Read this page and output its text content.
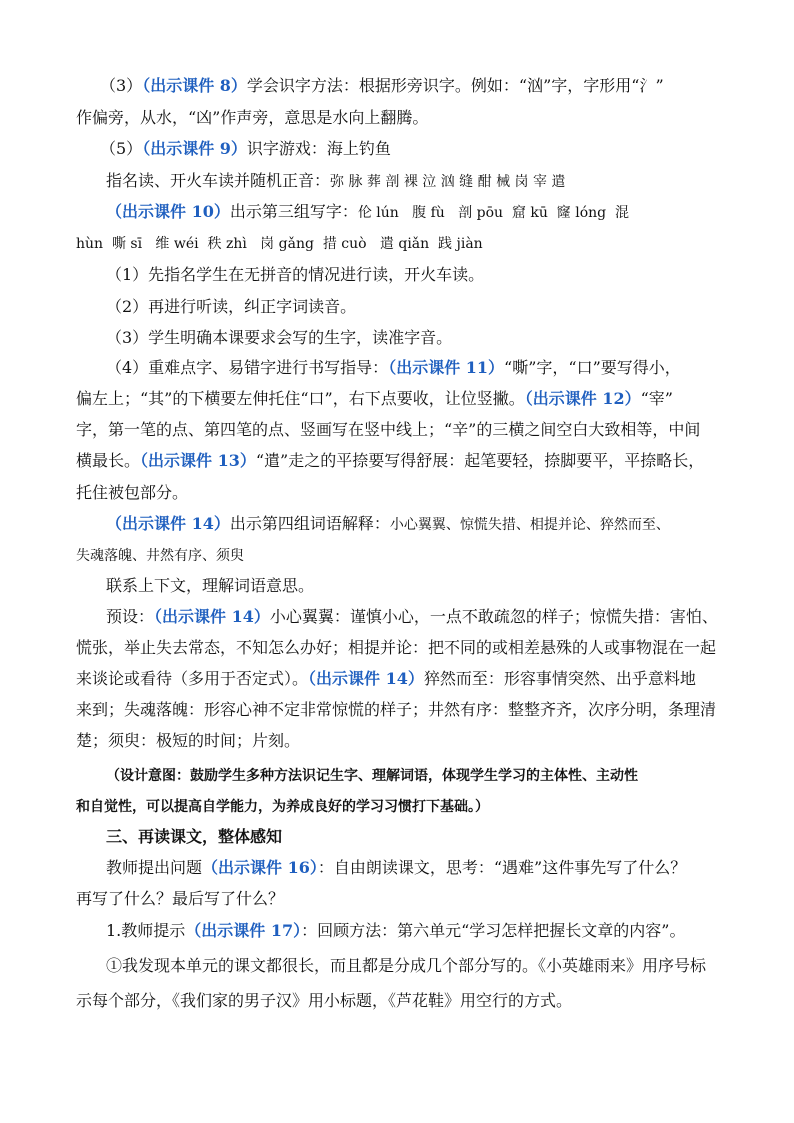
（3）（出示课件 8）学会识字方法：根据形旁识字。例如：“汹”字，字形用“氵”
作偏旁，从水，“凶”作声旁，意思是水向上翻腾。
（5）（出示课件 9）识字游戏：海上钓鱼
指名读、开火车读并随机正音：弥 脉 葬 剖 裸 泣 汹 缝 酣 械 岗 宰 遣
（出示课件 10）出示第三组写字：伦 lún   腹 fù   剖 pōu  窟 kū  窿 lóng  混
hùn  嘶 sī   维 wéi  秩 zhì   岗 gǎng  措 cuò   遣 qiǎn  践 jiàn
（1）先指名学生在无拼音的情况进行读，开火车读。
（2）再进行听读，纠正字词读音。
（3）学生明确本课要求会写的生字，读准字音。
（4）重难点字、易错字进行书写指导：（出示课件 11）“嘶”字，“口”要写得小，
偏左上；“其”的下横要左伸托住“口”，右下点要收，让位竖撇。（出示课件 12）“宰”
字，第一笔的点、第四笔的点、竖画写在竖中线上；“辛”的三横之间空白大致相等，中间
横最长。（出示课件 13）“遣”走之的平捺要写得舒展：起笔要轻，捺脚要平，平捺略长，
托住被包部分。
（出示课件 14）出示第四组词语解释：小心翼翼、惊慌失措、相提并论、猝然而至、
失魂落魄、井然有序、须臾
联系上下文，理解词语意思。
预设：（出示课件 14）小心翼翼：谨慎小心，一点不敢疏忽的样子；惊慌失措：害怕、
慌张，举止失去常态，不知怎么办好；相提并论：把不同的或相差悬殊的人或事物混在一起
来谈论或看待（多用于否定式）。（出示课件 14）猝然而至：形容事情突然、出乎意料地
来到；失魂落魄：形容心神不定非常惊慌的样子；井然有序：整整齐齐，次序分明，条理清
楚；须臾：极短的时间；片刻。
（设计意图：鼓励学生多种方法识记生字、理解词语，体现学生学习的主体性、主动性
和自觉性，可以提高自学能力，为养成良好的学习习惯打下基础。）
三、再读课文，整体感知
教师提出问题（出示课件 16）：自由朗读课文，思考：“遇难”这件事先写了什么？
再写了什么？最后写了什么？
1.教师提示（出示课件 17）：回顾方法：第六单元“学习怎样把握长文章的内容”。
①我发现本单元的课文都很长，而且都是分成几个部分写的。《小英雄雨来》用序号标
示每个部分，《我们家的男子汉》用小标题，《芦花鞋》用空行的方式。
